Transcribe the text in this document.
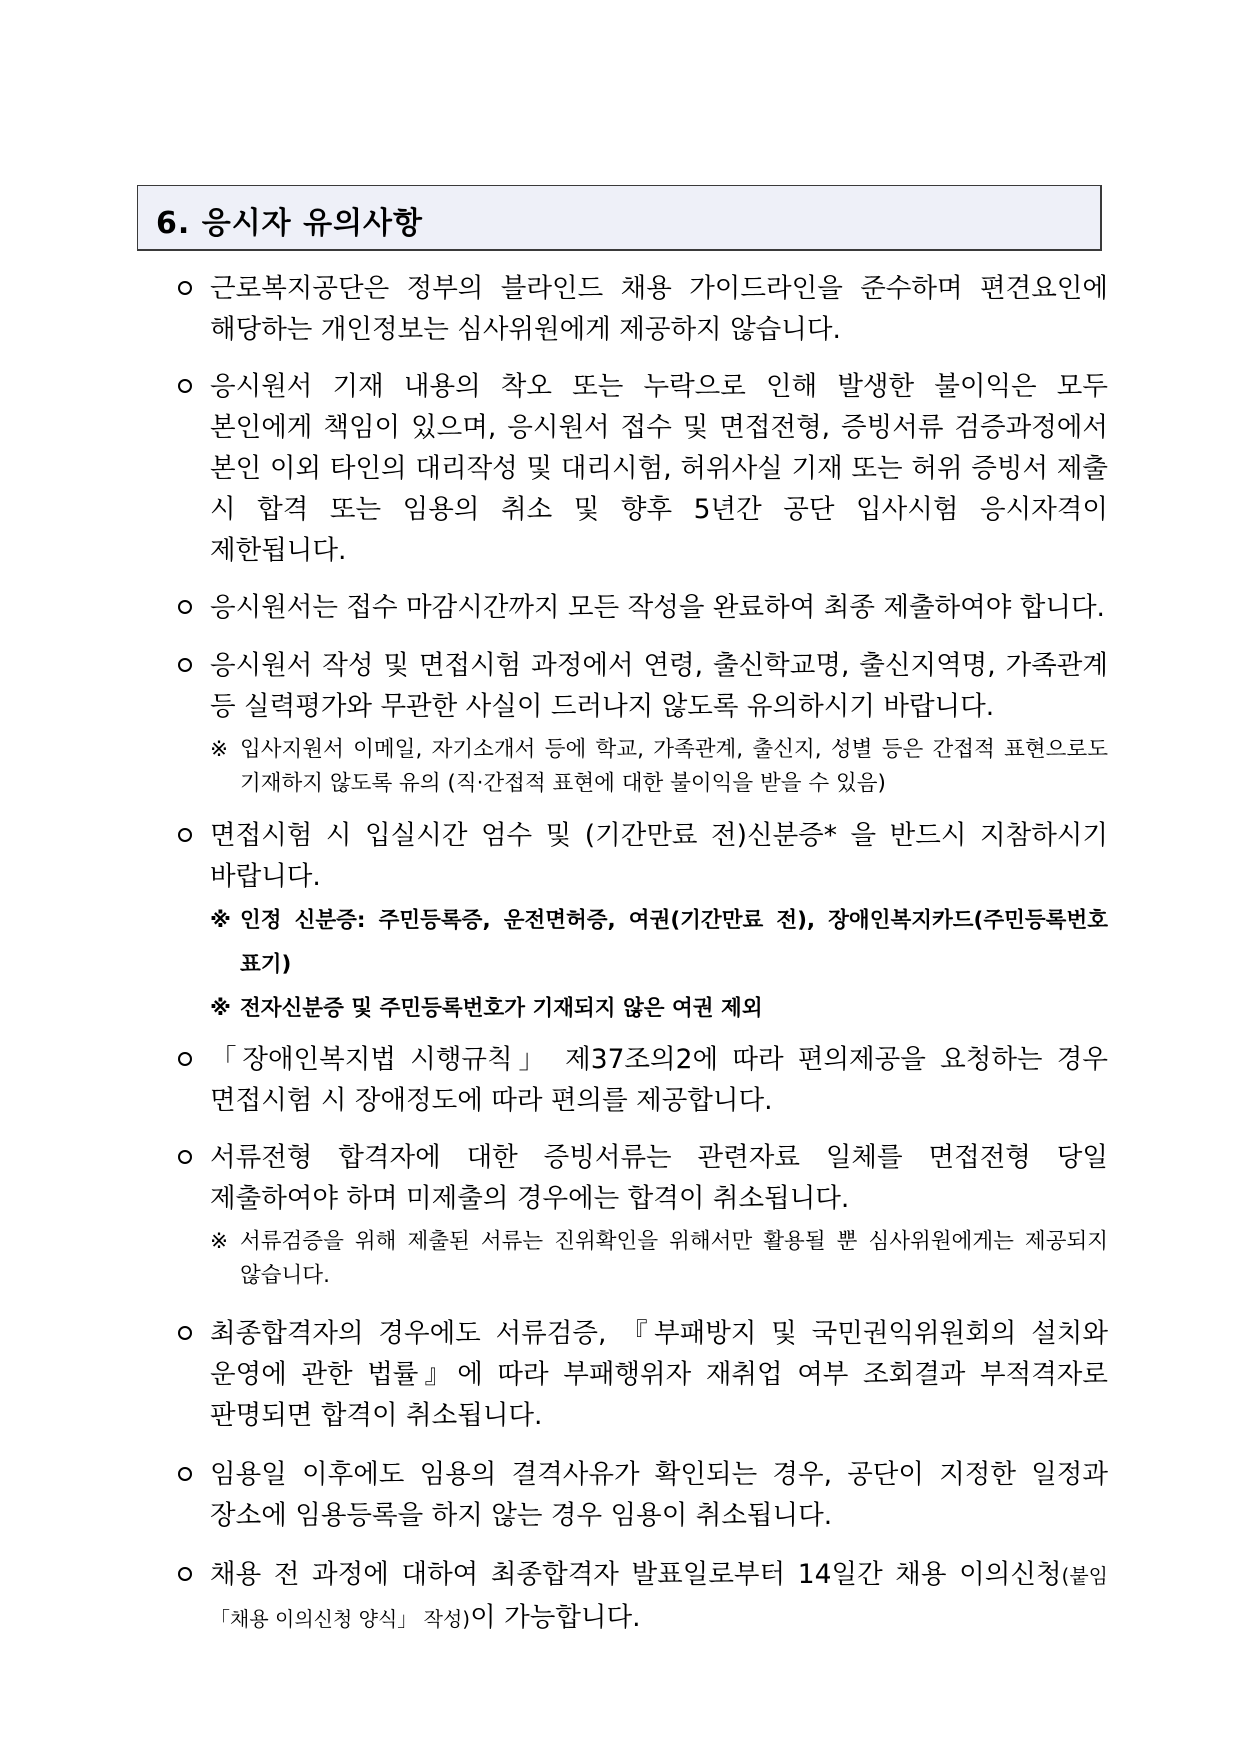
6. 응시자 유의사항
근로복지공단은 정부의 블라인드 채용 가이드라인을 준수하며 편견요인에 해당하는 개인정보는 심사위원에게 제공하지 않습니다.
응시원서 기재 내용의 착오 또는 누락으로 인해 발생한 불이익은 모두 본인에게 책임이 있으며, 응시원서 접수 및 면접전형, 증빙서류 검증과정에서 본인 이외 타인의 대리작성 및 대리시험, 허위사실 기재 또는 허위 증빙서 제출 시 합격 또는 임용의 취소 및 향후 5년간 공단 입사시험 응시자격이 제한됩니다.
응시원서는 접수 마감시간까지 모든 작성을 완료하여 최종 제출하여야 합니다.
응시원서 작성 및 면접시험 과정에서 연령, 출신학교명, 출신지역명, 가족관계 등 실력평가와 무관한 사실이 드러나지 않도록 유의하시기 바랍니다.
※ 입사지원서 이메일, 자기소개서 등에 학교, 가족관계, 출신지, 성별 등은 간접적 표현으로도 기재하지 않도록 유의 (직‧간접적 표현에 대한 불이익을 받을 수 있음)
면접시험 시 입실시간 엄수 및 (기간만료 전)신분증* 을 반드시 지참하시기 바랍니다.
※ 인정 신분증: 주민등록증, 운전면허증, 여권(기간만료 전), 장애인복지카드(주민등록번호 표기)
※ 전자신분증 및 주민등록번호가 기재되지 않은 여권 제외
「장애인복지법 시행규칙」 제37조의2에 따라 편의제공을 요청하는 경우 면접시험 시 장애정도에 따라 편의를 제공합니다.
서류전형 합격자에 대한 증빙서류는 관련자료 일체를 면접전형 당일 제출하여야 하며 미제출의 경우에는 합격이 취소됩니다.
※ 서류검증을 위해 제출된 서류는 진위확인을 위해서만 활용될 뿐 심사위원에게는 제공되지 않습니다.
최종합격자의 경우에도 서류검증, 『부패방지 및 국민권익위원회의 설치와 운영에 관한 법률』에 따라 부패행위자 재취업 여부 조회결과 부적격자로 판명되면 합격이 취소됩니다.
임용일 이후에도 임용의 결격사유가 확인되는 경우, 공단이 지정한 일정과 장소에 임용등록을 하지 않는 경우 임용이 취소됩니다.
채용 전 과정에 대하여 최종합격자 발표일로부터 14일간 채용 이의신청(붙임 「채용 이의신청 양식」 작성)이 가능합니다.
